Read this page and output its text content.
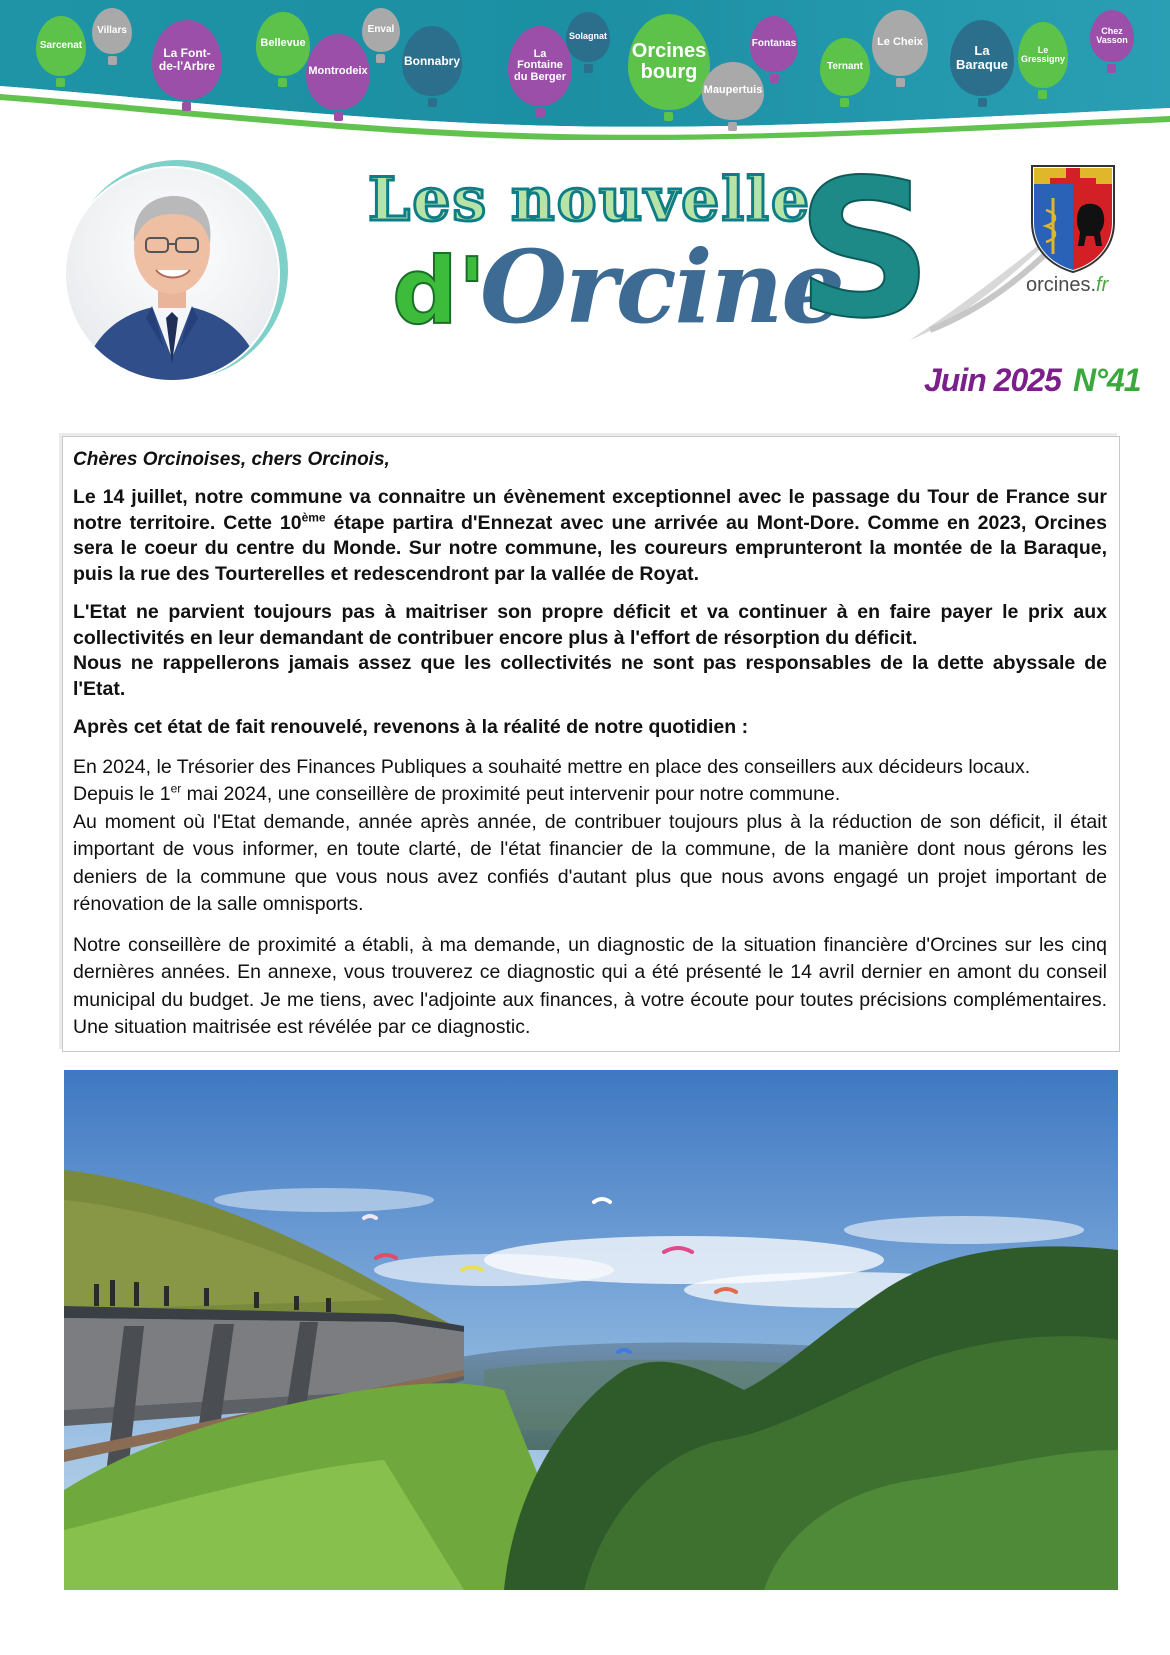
Sarcenat
Villars
La Font-de-l'Arbre
Bellevue
Montrodeix
Enval
Bonnabry
La Fontaine du Berger
Solagnat
Orcines bourg
Maupertuis
Fontanas
Ternant
Le Cheix
La Baraque
Le Gressigny
Chez Vasson
Les nouvelle
d'
Orcine
S	orcines.fr
Juin 2025 N°41

Chères Orcinoises, chers Orcinois,

Le 14 juillet, notre commune va connaitre un évènement exceptionnel avec le passage du Tour de France sur notre territoire. Cette 10ème étape partira d'Ennezat avec une arrivée au Mont-Dore. Comme en 2023, Orcines sera le coeur du centre du Monde. Sur notre commune, les coureurs emprunteront la montée de la Baraque, puis la rue des Tourterelles et redescendront par la vallée de Royat.

L'Etat ne parvient toujours pas à maitriser son propre déficit et va continuer à en faire payer le prix aux collectivités en leur demandant de contribuer encore plus à l'effort de résorption du déficit.

Nous ne rappellerons jamais assez que les collectivités ne sont pas responsables de la dette abyssale de l'Etat.

Après cet état de fait renouvelé, revenons à la réalité de notre quotidien :

En 2024, le Trésorier des Finances Publiques a souhaité mettre en place des conseillers aux décideurs locaux.

Depuis le 1er mai 2024, une conseillère de proximité peut intervenir pour notre commune.

Au moment où l'Etat demande, année après année, de contribuer toujours plus à la réduction de son déficit, il était important de vous informer, en toute clarté, de l'état financier de la commune, de la manière dont nous gérons les deniers de la commune que vous nous avez confiés d'autant plus que nous avons engagé un projet important de rénovation de la salle omnisports.

Notre conseillère de proximité a établi, à ma demande, un diagnostic de la situation financière d'Orcines sur les cinq dernières années. En annexe, vous trouverez ce diagnostic qui a été présenté le 14 avril dernier en amont du conseil municipal du budget. Je me tiens, avec l'adjointe aux finances, à votre écoute pour toutes précisions complémentaires. Une situation maitrisée est révélée par ce diagnostic.
